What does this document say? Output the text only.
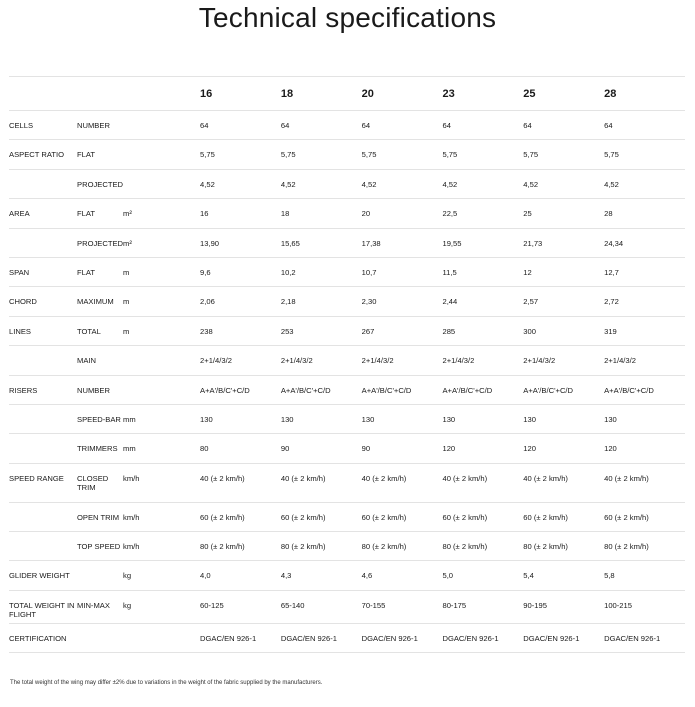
Technical specifications
			16	18	20	23	25	28
CELLS	NUMBER		64	64	64	64	64	64
ASPECT RATIO	FLAT		5,75	5,75	5,75	5,75	5,75	5,75
	PROJECTED		4,52	4,52	4,52	4,52	4,52	4,52
AREA	FLAT	m²	16	18	20	22,5	25	28
	PROJECTED	m²	13,90	15,65	17,38	19,55	21,73	24,34
SPAN	FLAT	m	9,6	10,2	10,7	11,5	12	12,7
CHORD	MAXIMUM	m	2,06	2,18	2,30	2,44	2,57	2,72
LINES	TOTAL	m	238	253	267	285	300	319
	MAIN		2+1/4/3/2	2+1/4/3/2	2+1/4/3/2	2+1/4/3/2	2+1/4/3/2	2+1/4/3/2
RISERS	NUMBER		A+A'/B/C'+C/D	A+A'/B/C'+C/D	A+A'/B/C'+C/D	A+A'/B/C'+C/D	A+A'/B/C'+C/D	A+A'/B/C'+C/D
	SPEED-BAR	mm	130	130	130	130	130	130
	TRIMMERS	mm	80	90	90	120	120	120
SPEED RANGE	CLOSED TRIM	km/h	40 (± 2 km/h)	40 (± 2 km/h)	40 (± 2 km/h)	40 (± 2 km/h)	40 (± 2 km/h)	40 (± 2 km/h)
	OPEN TRIM	km/h	60 (± 2 km/h)	60 (± 2 km/h)	60 (± 2 km/h)	60 (± 2 km/h)	60 (± 2 km/h)	60 (± 2 km/h)
	TOP SPEED	km/h	80 (± 2 km/h)	80 (± 2 km/h)	80 (± 2 km/h)	80 (± 2 km/h)	80 (± 2 km/h)	80 (± 2 km/h)
GLIDER WEIGHT		kg	4,0	4,3	4,6	5,0	5,4	5,8
TOTAL WEIGHT IN FLIGHT	MIN-MAX	kg	60-125	65-140	70-155	80-175	90-195	100-215
CERTIFICATION			DGAC/EN 926-1	DGAC/EN 926-1	DGAC/EN 926-1	DGAC/EN 926-1	DGAC/EN 926-1	DGAC/EN 926-1
The total weight of the wing may differ ±2% due to variations in the weight of the fabric supplied by the manufacturers.
